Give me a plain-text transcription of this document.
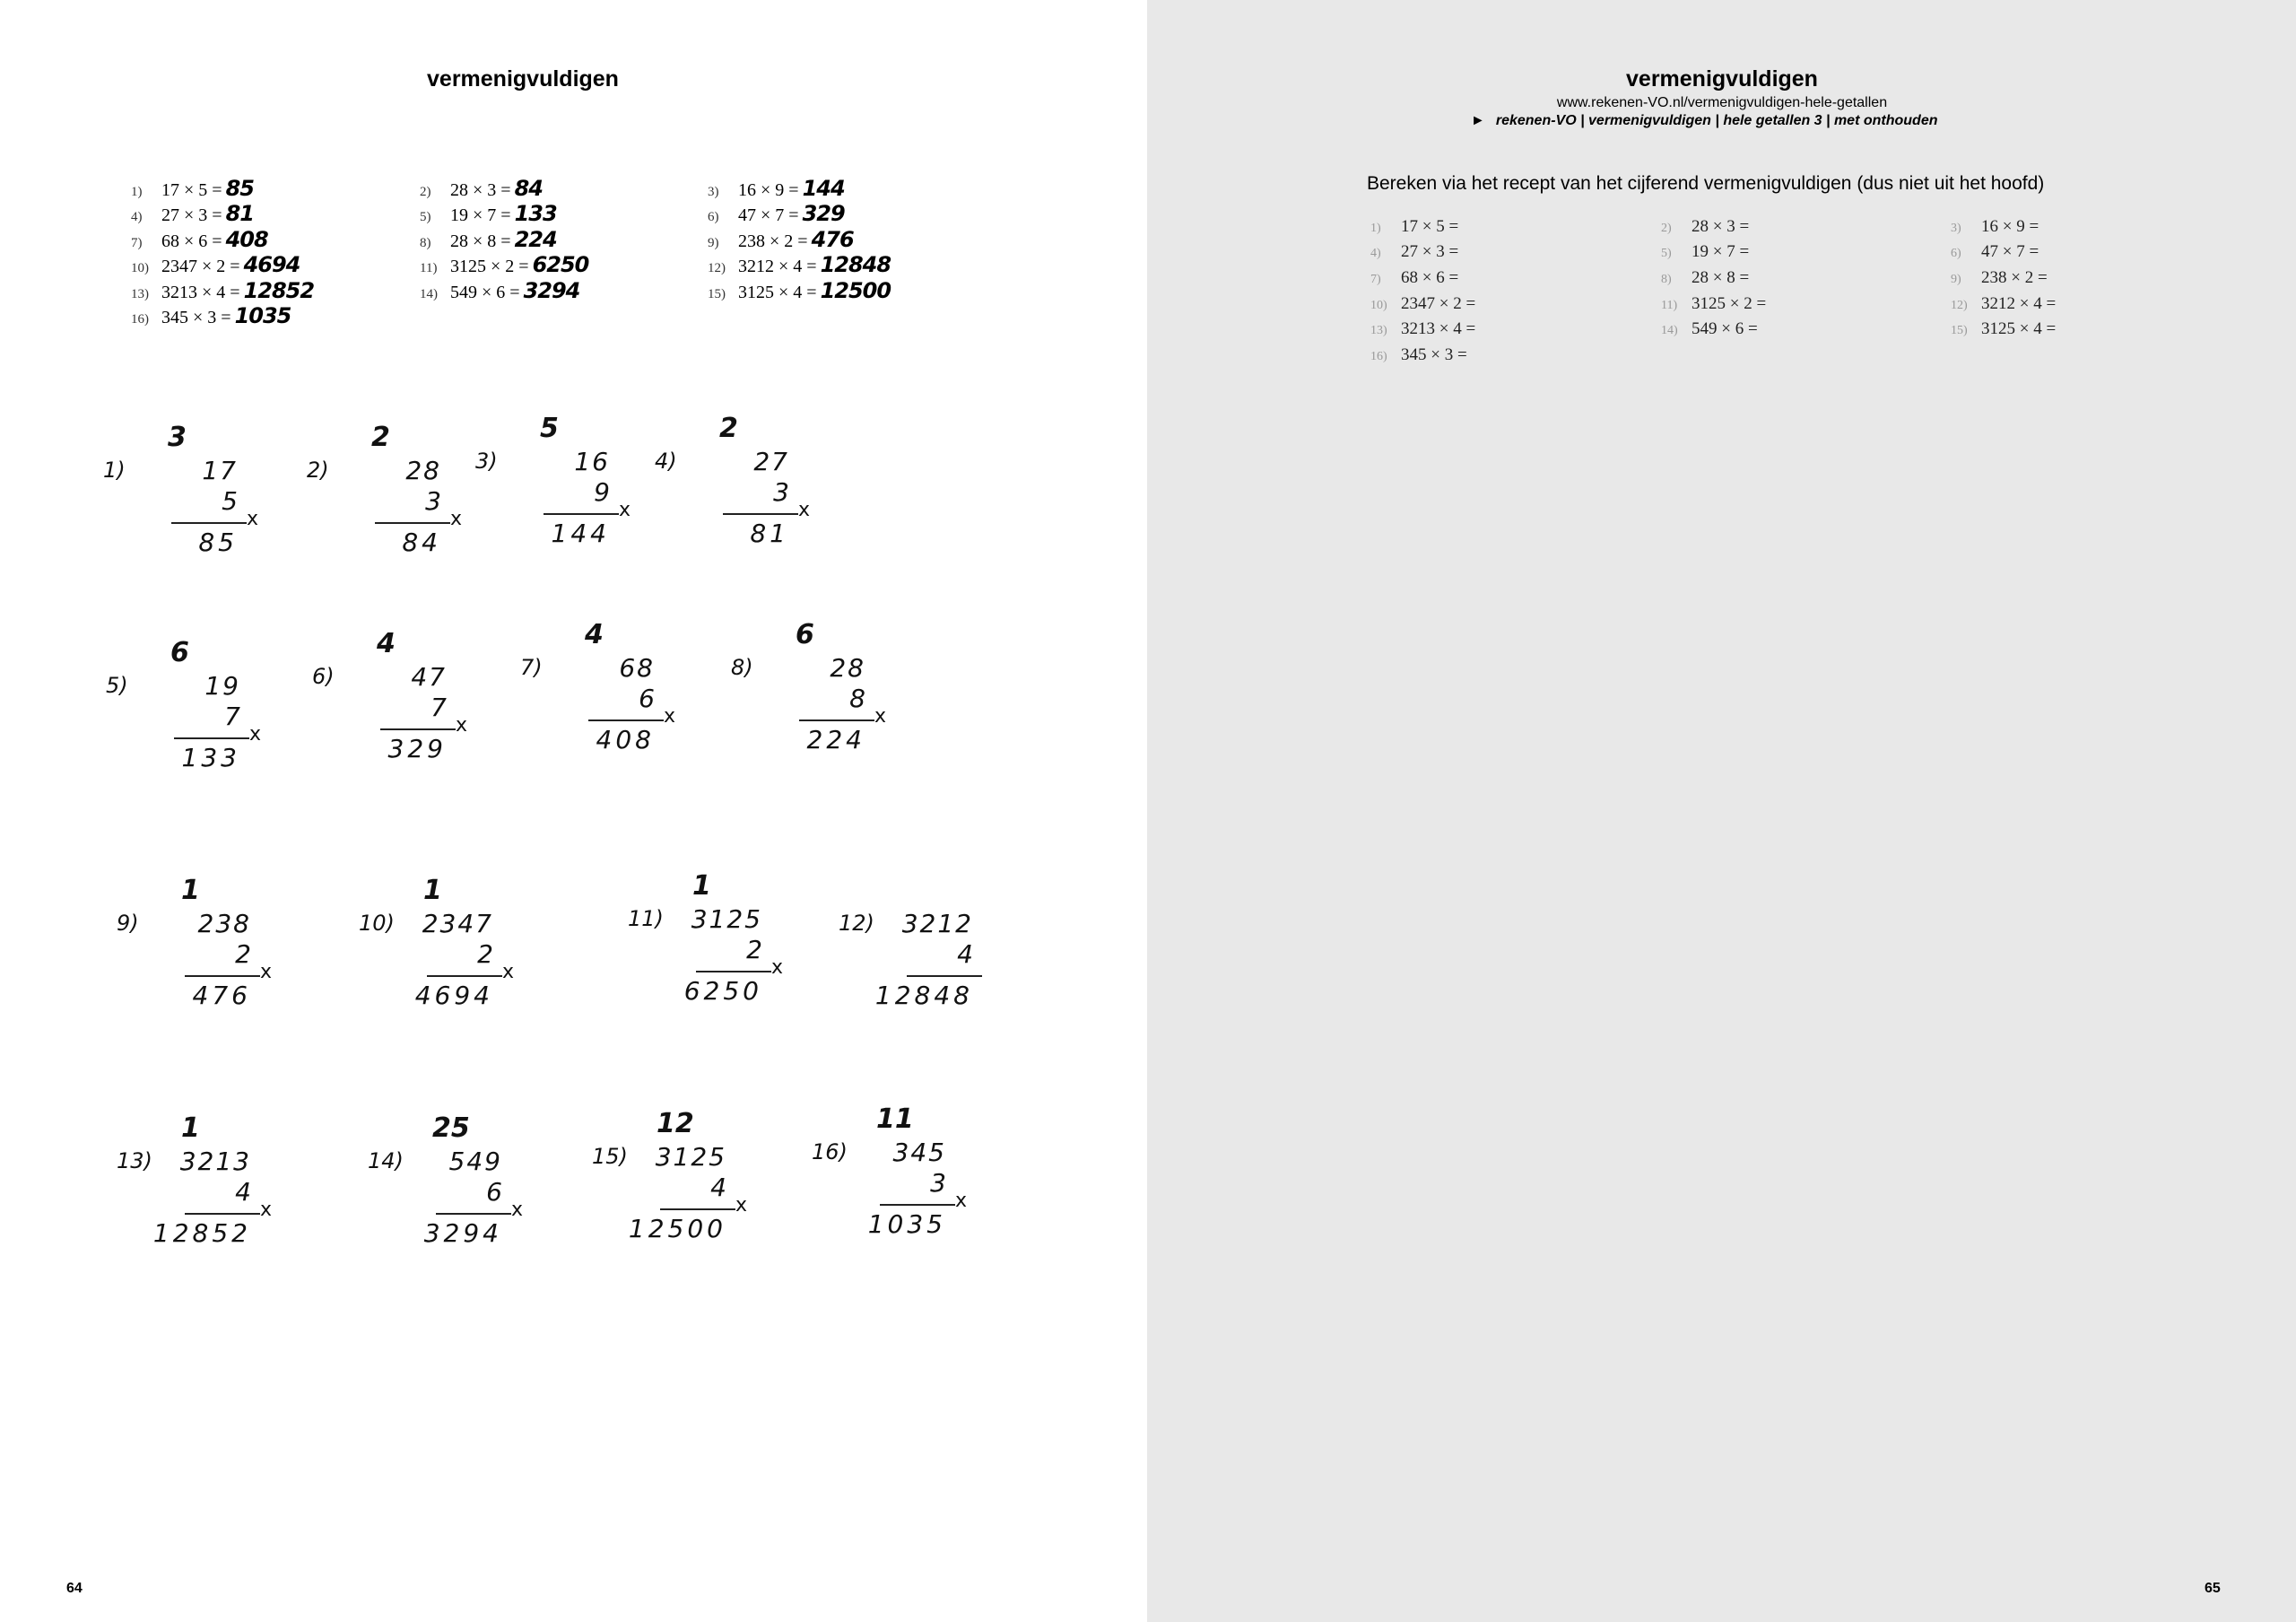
vermenigvuldigen
1) 17 × 5 = 85
4) 27 × 3 = 81
7) 68 × 6 = 408
10) 2347 × 2 = 4694
13) 3213 × 4 = 12852
16) 345 × 3 = 1035
2) 28 × 3 = 84
5) 19 × 7 = 133
8) 28 × 8 = 224
11) 3125 × 2 = 6250
14) 549 × 6 = 3294
3) 16 × 9 = 144
6) 47 × 7 = 329
9) 238 × 2 = 476
12) 3212 × 4 = 12848
15) 3125 × 4 = 12500
1)
3
17
5
x
85
2)
2
28
3
x
84
3)
5
16
9
x
144
4)
2
27
3
x
81
5)
6
19
7
x
133
6)
4
47
7
x
329
7)
4
68
6
x
408
8)
6
28
8
x
224
9)
1
238
2
x
476
10)
1
2347
2
x
4694
11)
1
3125
2
x
6250
12)	3212
4
12848
13)
1
3213
4
x
12852
14)
25
549
6
x
3294
15)
12
3125
4
x
12500
16)
11
345
3
x
1035
64
vermenigvuldigen
www.rekenen-VO.nl/vermenigvuldigen-hele-getallen
► rekenen-VO | vermenigvuldigen | hele getallen 3 | met onthouden
Bereken via het recept van het cijferend vermenigvuldigen (dus niet uit het hoofd)
1) 17 × 5 =
4) 27 × 3 =
7) 68 × 6 =
10) 2347 × 2 =
13) 3213 × 4 =
16) 345 × 3 =
2) 28 × 3 =
5) 19 × 7 =
8) 28 × 8 =
11) 3125 × 2 =
14) 549 × 6 =
3) 16 × 9 =
6) 47 × 7 =
9) 238 × 2 =
12) 3212 × 4 =
15) 3125 × 4 =
65
